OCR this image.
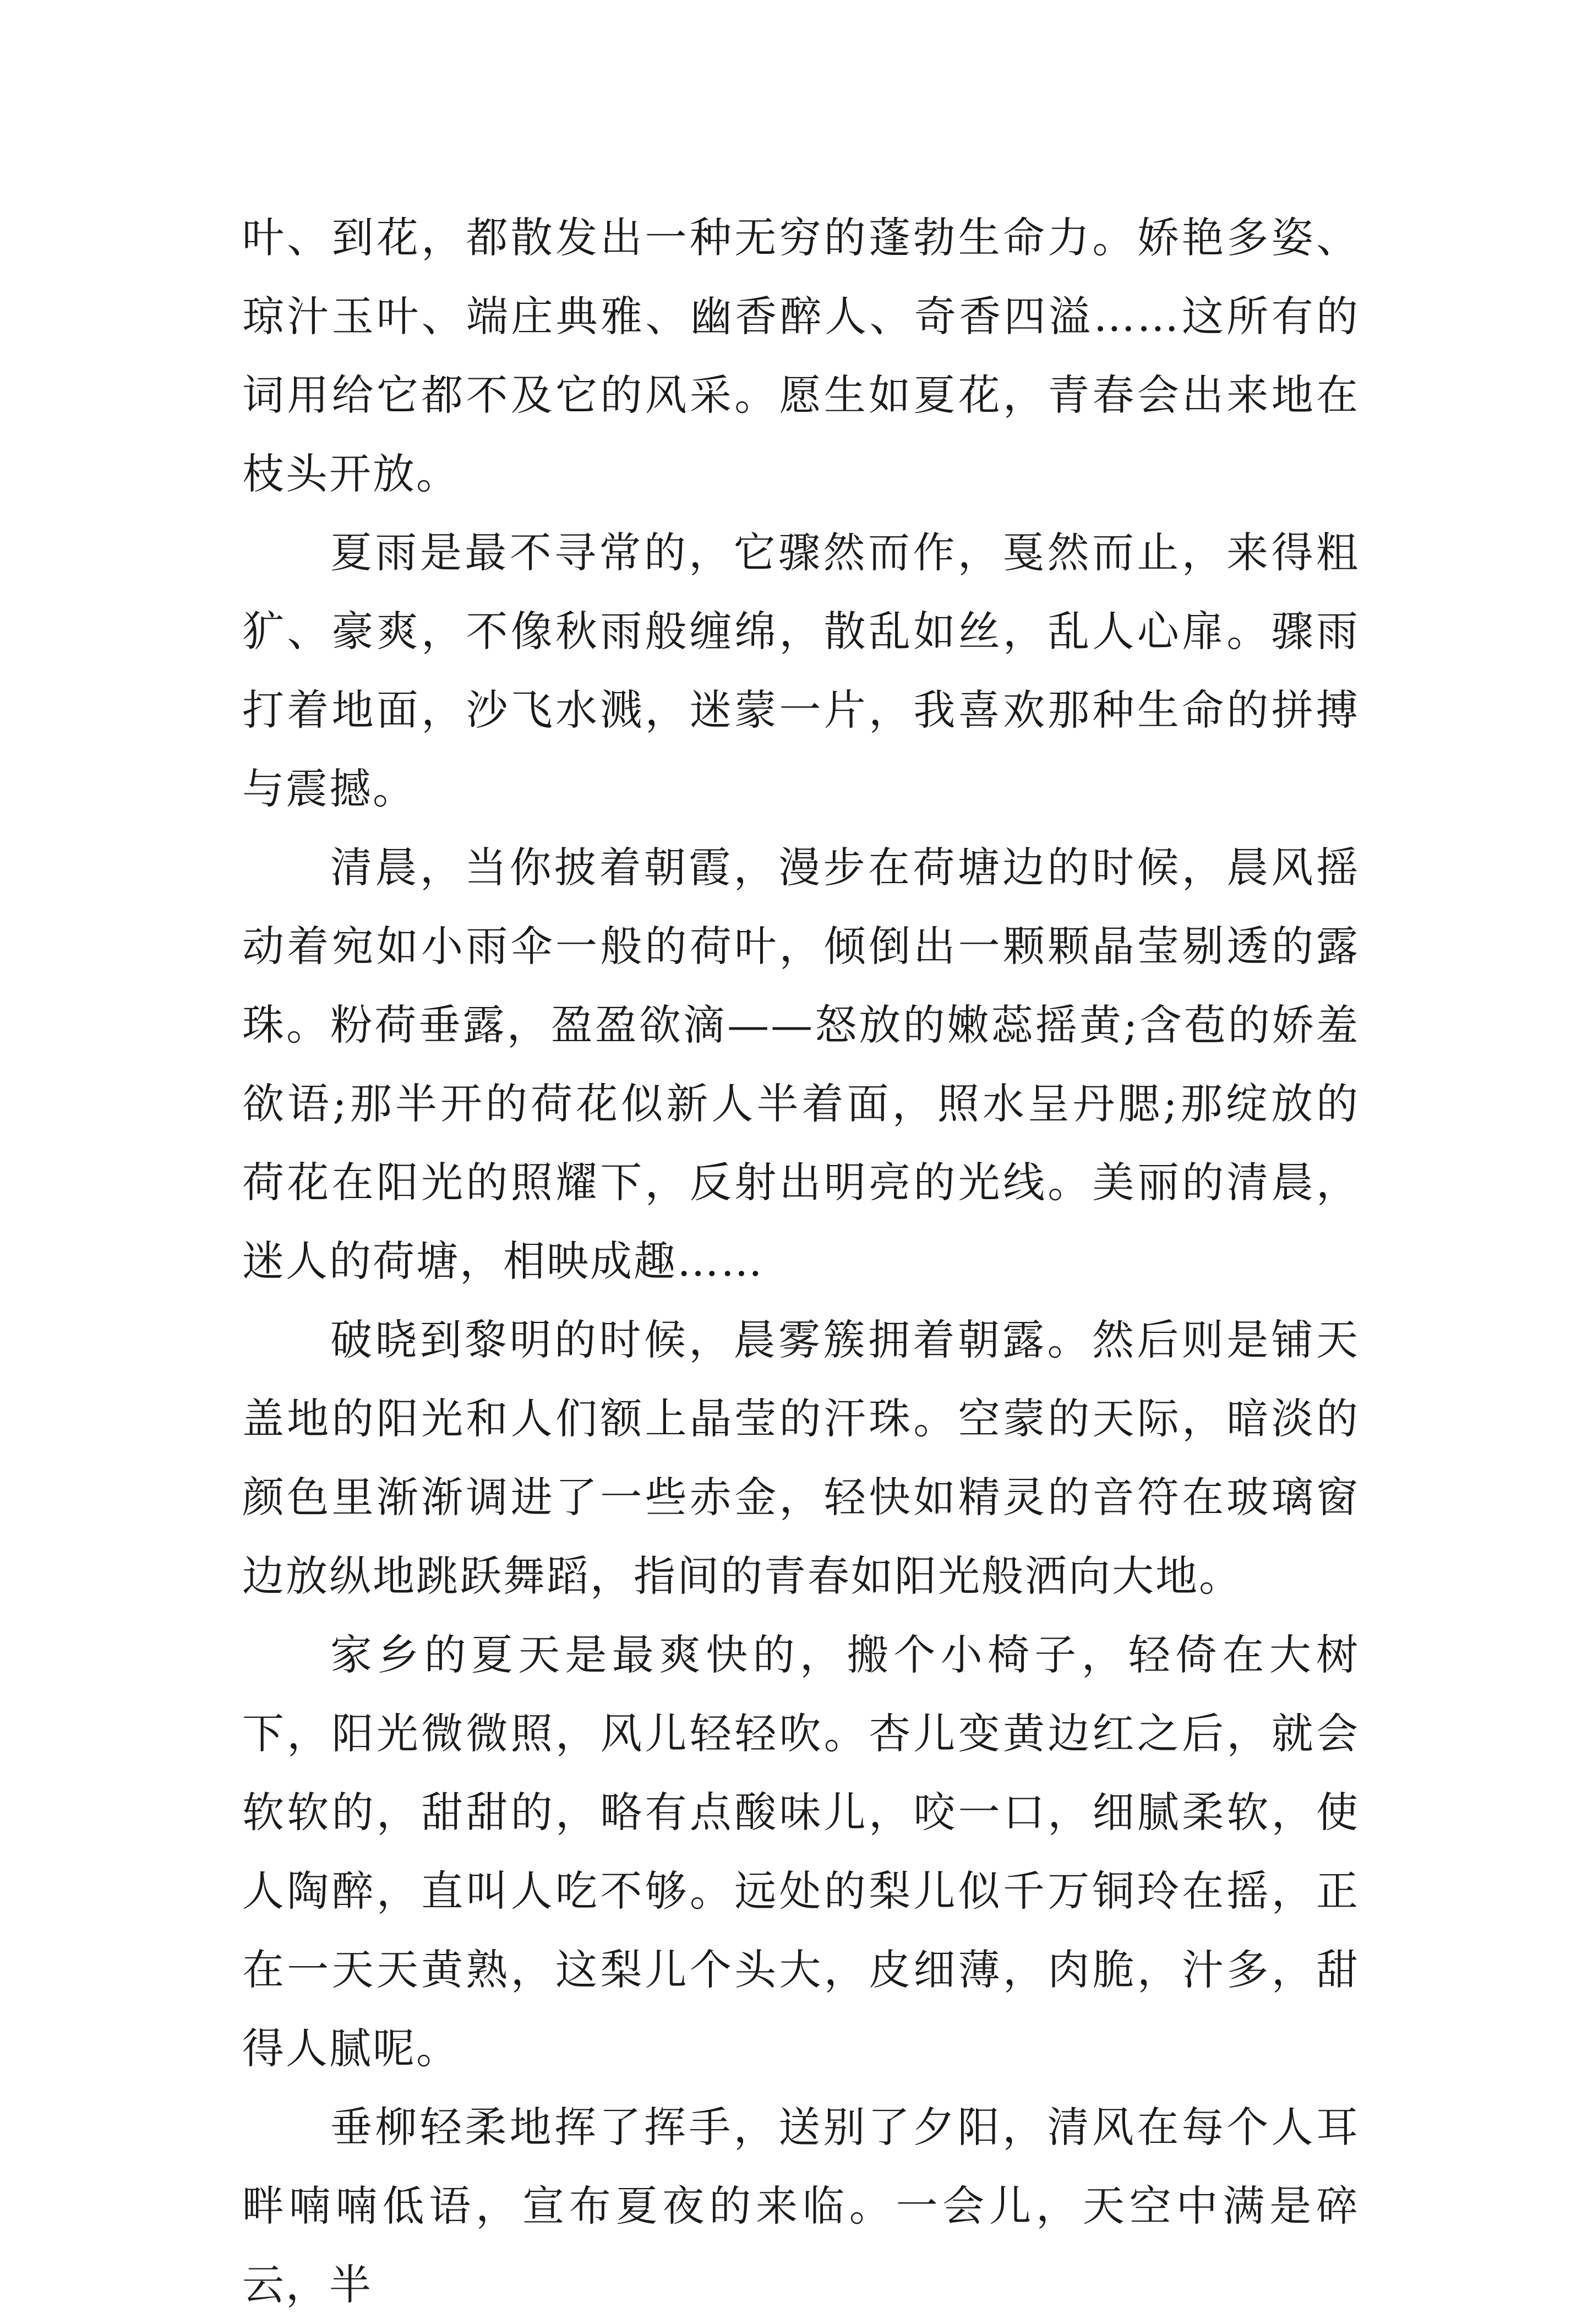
叶、到花，都散发出一种无穷的蓬勃生命力。娇艳多姿、琼汁玉叶、端庄典雅、幽香醉人、奇香四溢……这所有的词用给它都不及它的风采。愿生如夏花，青春会出来地在枝头开放。

夏雨是最不寻常的，它骤然而作，戛然而止，来得粗犷、豪爽，不像秋雨般缠绵，散乱如丝，乱人心扉。骤雨打着地面，沙飞水溅，迷蒙一片，我喜欢那种生命的拼搏与震撼。

清晨，当你披着朝霞，漫步在荷塘边的时候，晨风摇动着宛如小雨伞一般的荷叶，倾倒出一颗颗晶莹剔透的露珠。粉荷垂露，盈盈欲滴——怒放的嫩蕊摇黄;含苞的娇羞欲语;那半开的荷花似新人半着面，照水呈丹腮;那绽放的荷花在阳光的照耀下，反射出明亮的光线。美丽的清晨，迷人的荷塘，相映成趣……

破晓到黎明的时候，晨雾簇拥着朝露。然后则是铺天盖地的阳光和人们额上晶莹的汗珠。空蒙的天际，暗淡的颜色里渐渐调进了一些赤金，轻快如精灵的音符在玻璃窗边放纵地跳跃舞蹈，指间的青春如阳光般洒向大地。

家乡的夏天是最爽快的，搬个小椅子，轻倚在大树下，阳光微微照，风儿轻轻吹。杏儿变黄边红之后，就会软软的，甜甜的，略有点酸味儿，咬一口，细腻柔软，使人陶醉，直叫人吃不够。远处的梨儿似千万铜玲在摇，正在一天天黄熟，这梨儿个头大，皮细薄，肉脆，汁多，甜得人腻呢。

垂柳轻柔地挥了挥手，送别了夕阳，清风在每个人耳畔喃喃低语，宣布夏夜的来临。一会儿，天空中满是碎云，半
